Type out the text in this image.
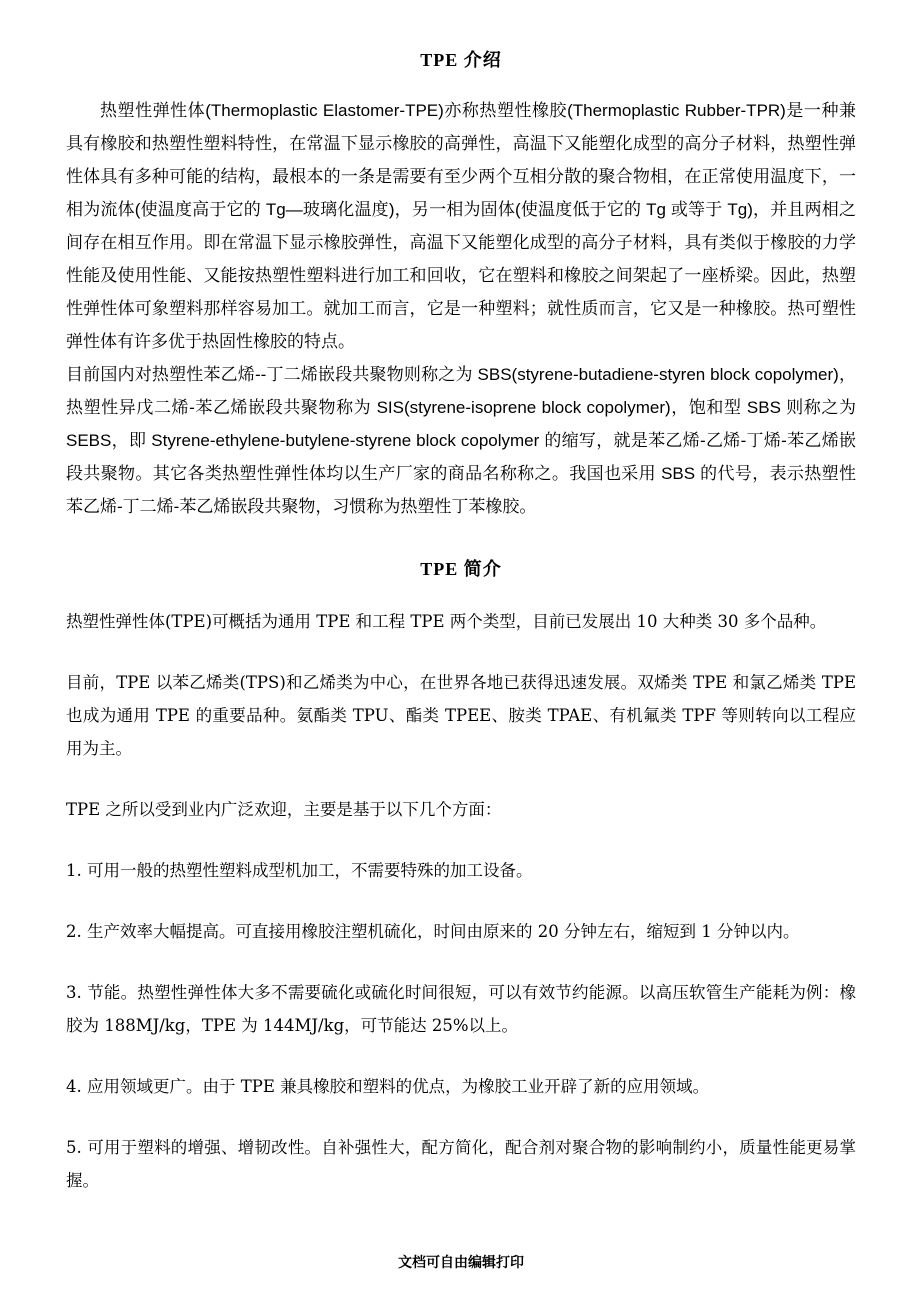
TPE 介绍

热塑性弹性体(Thermoplastic Elastomer-TPE)亦称热塑性橡胶(Thermoplastic Rubber-TPR)是一种兼具有橡胶和热塑性塑料特性，在常温下显示橡胶的高弹性，高温下又能塑化成型的高分子材料，热塑性弹性体具有多种可能的结构，最根本的一条是需要有至少两个互相分散的聚合物相，在正常使用温度下，一相为流体(使温度高于它的 Tg—玻璃化温度)，另一相为固体(使温度低于它的 Tg 或等于 Tg)，并且两相之间存在相互作用。即在常温下显示橡胶弹性，高温下又能塑化成型的高分子材料，具有类似于橡胶的力学性能及使用性能、又能按热塑性塑料进行加工和回收，它在塑料和橡胶之间架起了一座桥梁。因此，热塑性弹性体可象塑料那样容易加工。就加工而言，它是一种塑料；就性质而言，它又是一种橡胶。热可塑性弹性体有许多优于热固性橡胶的特点。

目前国内对热塑性苯乙烯--丁二烯嵌段共聚物则称之为 SBS(styrene-butadiene-styren block copolymer)，热塑性异戊二烯-苯乙烯嵌段共聚物称为 SIS(styrene-isoprene block copolymer)，饱和型 SBS 则称之为 SEBS，即 Styrene-ethylene-butylene-styrene block copolymer 的缩写，就是苯乙烯-乙烯-丁烯-苯乙烯嵌段共聚物。其它各类热塑性弹性体均以生产厂家的商品名称称之。我国也采用 SBS 的代号，表示热塑性苯乙烯-丁二烯-苯乙烯嵌段共聚物，习惯称为热塑性丁苯橡胶。

TPE 简介

热塑性弹性体(TPE)可概括为通用 TPE 和工程 TPE 两个类型，目前已发展出 10 大种类 30 多个品种。

目前，TPE 以苯乙烯类(TPS)和乙烯类为中心，在世界各地已获得迅速发展。双烯类 TPE 和氯乙烯类 TPE 也成为通用 TPE 的重要品种。氨酯类 TPU、酯类 TPEE、胺类 TPAE、有机氟类 TPF 等则转向以工程应用为主。

TPE 之所以受到业内广泛欢迎，主要是基于以下几个方面：

1. 可用一般的热塑性塑料成型机加工，不需要特殊的加工设备。
2. 生产效率大幅提高。可直接用橡胶注塑机硫化，时间由原来的 20 分钟左右，缩短到 1 分钟以内。
3. 节能。热塑性弹性体大多不需要硫化或硫化时间很短，可以有效节约能源。以高压软管生产能耗为例：橡胶为 188MJ/kg，TPE 为 144MJ/kg，可节能达 25%以上。
4. 应用领域更广。由于 TPE 兼具橡胶和塑料的优点，为橡胶工业开辟了新的应用领域。
5. 可用于塑料的增强、增韧改性。自补强性大，配方简化，配合剂对聚合物的影响制约小，质量性能更易掌握。
文档可自由编辑打印
